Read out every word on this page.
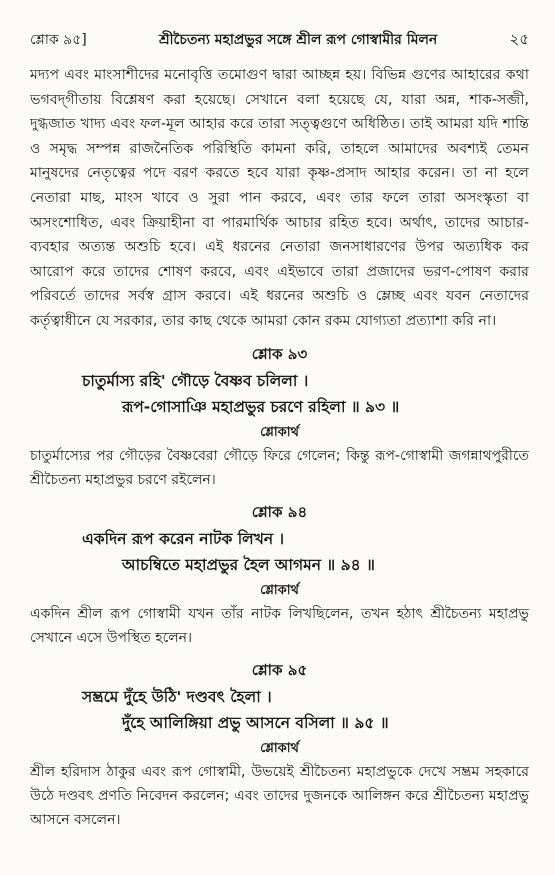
শ্লোক ৯৫]	শ্রীচৈতন্য মহাপ্রভুর সঙ্গে শ্রীল রূপ গোস্বামীর মিলন	২৫

মদ্যপ এবং মাংসাশীদের মনোবৃত্তি তমোগুণ দ্বারা আচ্ছন্ন হয়। বিভিন্ন গুণের আহারের কথা ভগবদ্‌গীতায় বিশ্লেষণ করা হয়েছে। সেখানে বলা হয়েছে যে, যারা অন্ন, শাক-সব্জী, দুগ্ধজাত খাদ্য এবং ফল-মূল আহার করে তারা সত্ত্বগুণে অধিষ্ঠিত। তাই আমরা যদি শান্তি ও সমৃদ্ধ সম্পন্ন রাজনৈতিক পরিস্থিতি কামনা করি, তাহলে আমাদের অবশ্যই তেমন মানুষদের নেতৃত্বের পদে বরণ করতে হবে যারা কৃষ্ণ-প্রসাদ আহার করেন। তা না হলে নেতারা মাছ, মাংস খাবে ও সুরা পান করবে, এবং তার ফলে তারা অসংস্কৃতা বা অসংশোধিত, এবং ক্রিয়াহীনা বা পারমার্থিক আচার রহিত হবে। অর্থাৎ, তাদের আচার-ব্যবহার অত্যন্ত অশুচি হবে। এই ধরনের নেতারা জনসাধারণের উপর অত্যধিক কর আরোপ করে তাদের শোষণ করবে, এবং এইভাবে তারা প্রজাদের ভরণ-পোষণ করার পরিবর্তে তাদের সর্বস্ব গ্রাস করবে। এই ধরনের অশুচি ও ম্লেচ্ছ এবং যবন নেতাদের কর্তৃত্বাধীনে যে সরকার, তার কাছ থেকে আমরা কোন রকম যোগ্যতা প্রত্যাশা করি না।

শ্লোক ৯৩
চাতুর্মাস্য রহি' গৌড়ে বৈষ্ণব চলিলা ।
রূপ-গোসাঞি মহাপ্রভুর চরণে রহিলা ॥ ৯৩ ॥
শ্লোকার্থ

চাতুর্মাস্যের পর গৌড়ের বৈষ্ণবেরা গৌড়ে ফিরে গেলেন; কিন্তু রূপ-গোস্বামী জগন্নাথপুরীতে শ্রীচৈতন্য মহাপ্রভুর চরণে রইলেন।

শ্লোক ৯৪
একদিন রূপ করেন নাটক লিখন ।
আচম্বিতে মহাপ্রভুর হৈল আগমন ॥ ৯৪ ॥
শ্লোকার্থ

একদিন শ্রীল রূপ গোস্বামী যখন তাঁর নাটক লিখছিলেন, তখন হঠাৎ শ্রীচৈতন্য মহাপ্রভু সেখানে এসে উপস্থিত হলেন।

শ্লোক ৯৫
সম্ভ্রমে দুঁহে উঠি' দণ্ডবৎ হৈলা ।
দুঁহে আলিঙ্গিয়া প্রভু আসনে বসিলা ॥ ৯৫ ॥
শ্লোকার্থ

শ্রীল হরিদাস ঠাকুর এবং রূপ গোস্বামী, উভয়েই শ্রীচৈতন্য মহাপ্রভুকে দেখে সম্ভ্রম সহকারে উঠে দণ্ডবৎ প্রণতি নিবেদন করলেন; এবং তাদের দুজনকে আলিঙ্গন করে শ্রীচৈতন্য মহাপ্রভু আসনে বসলেন।
